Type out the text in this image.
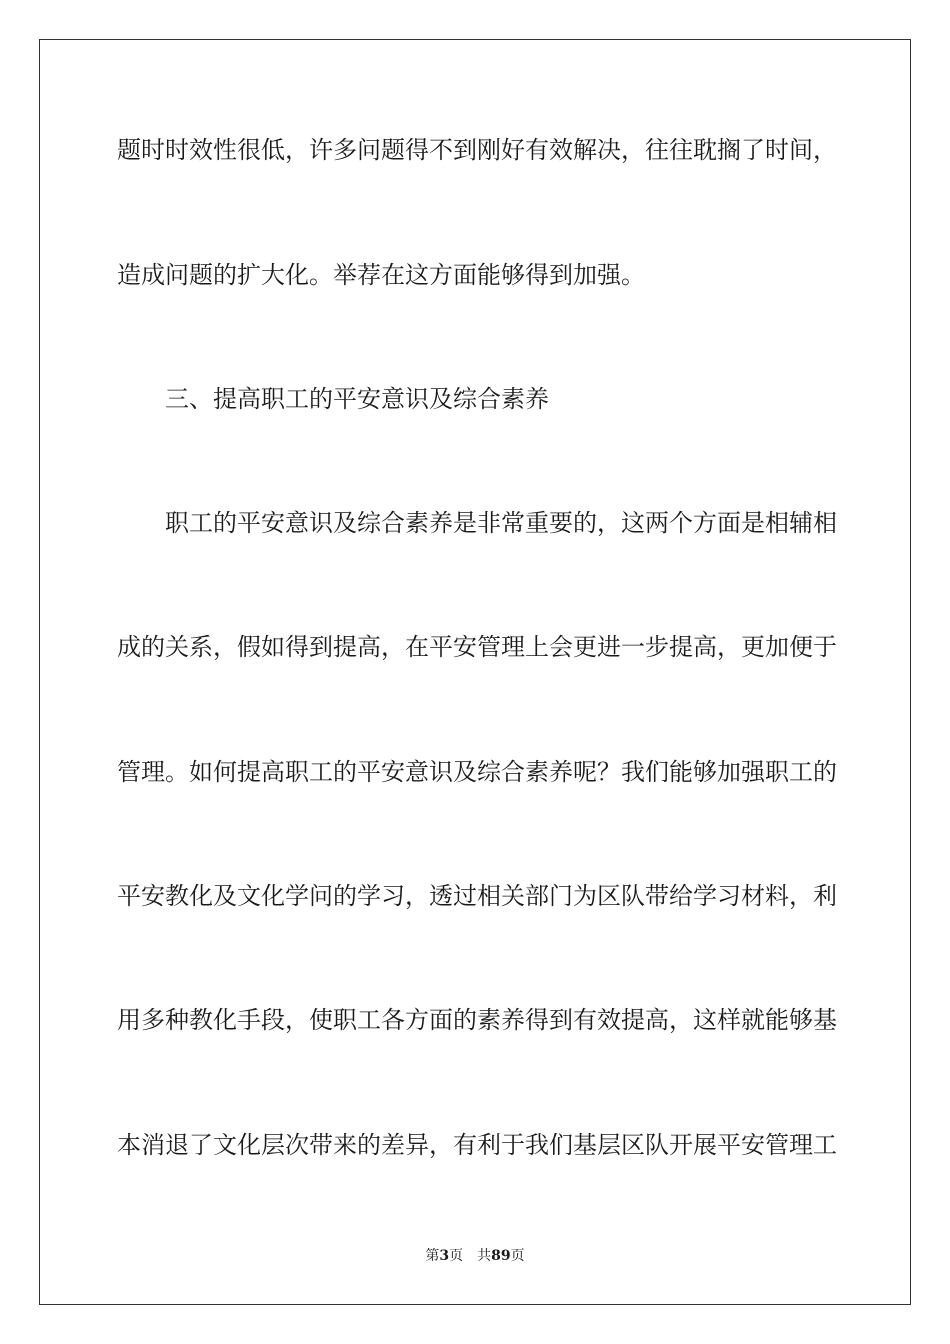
题时时效性很低，许多问题得不到刚好有效解决，往往耽搁了时间，

造成问题的扩大化。举荐在这方面能够得到加强。

三、提高职工的平安意识及综合素养

职工的平安意识及综合素养是非常重要的，这两个方面是相辅相

成的关系，假如得到提高，在平安管理上会更进一步提高，更加便于

管理。如何提高职工的平安意识及综合素养呢？我们能够加强职工的

平安教化及文化学问的学习，透过相关部门为区队带给学习材料，利

用多种教化手段，使职工各方面的素养得到有效提高，这样就能够基

本消退了文化层次带来的差异，有利于我们基层区队开展平安管理工

第3页 共89页
